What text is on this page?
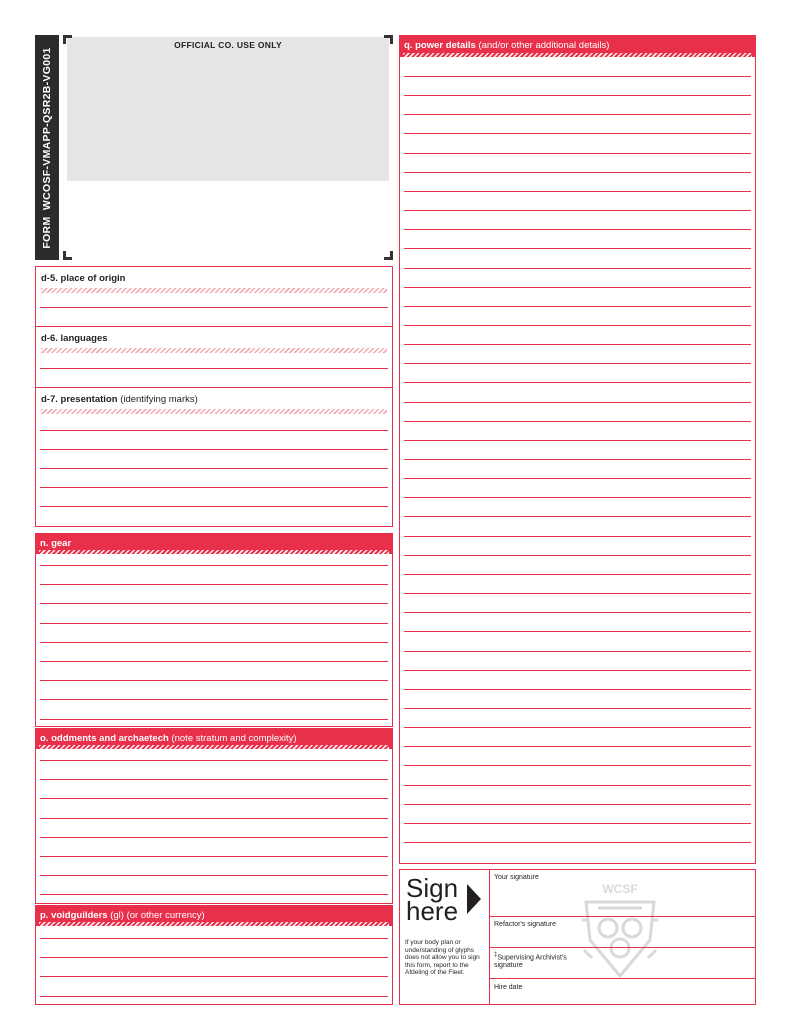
FORM  WCOSF-VMAPP-QSR2B-VG001
OFFICIAL CO. USE ONLY
d-5. place of origin
d-6. languages
d-7. presentation (identifying marks)
n. gear
o. oddments and archaetech (note stratum and complexity)
p. voidguilders (gl) (or other currency)
q. power details (and/or other additional details)
Sign
here
If your body plan or understanding of glyphs does not allow you to sign this form, report to the Afdeling of the Fleet.
Your signature
Refactor's signature
‡Supervising Archivist's signature
Hire date
WCSF
